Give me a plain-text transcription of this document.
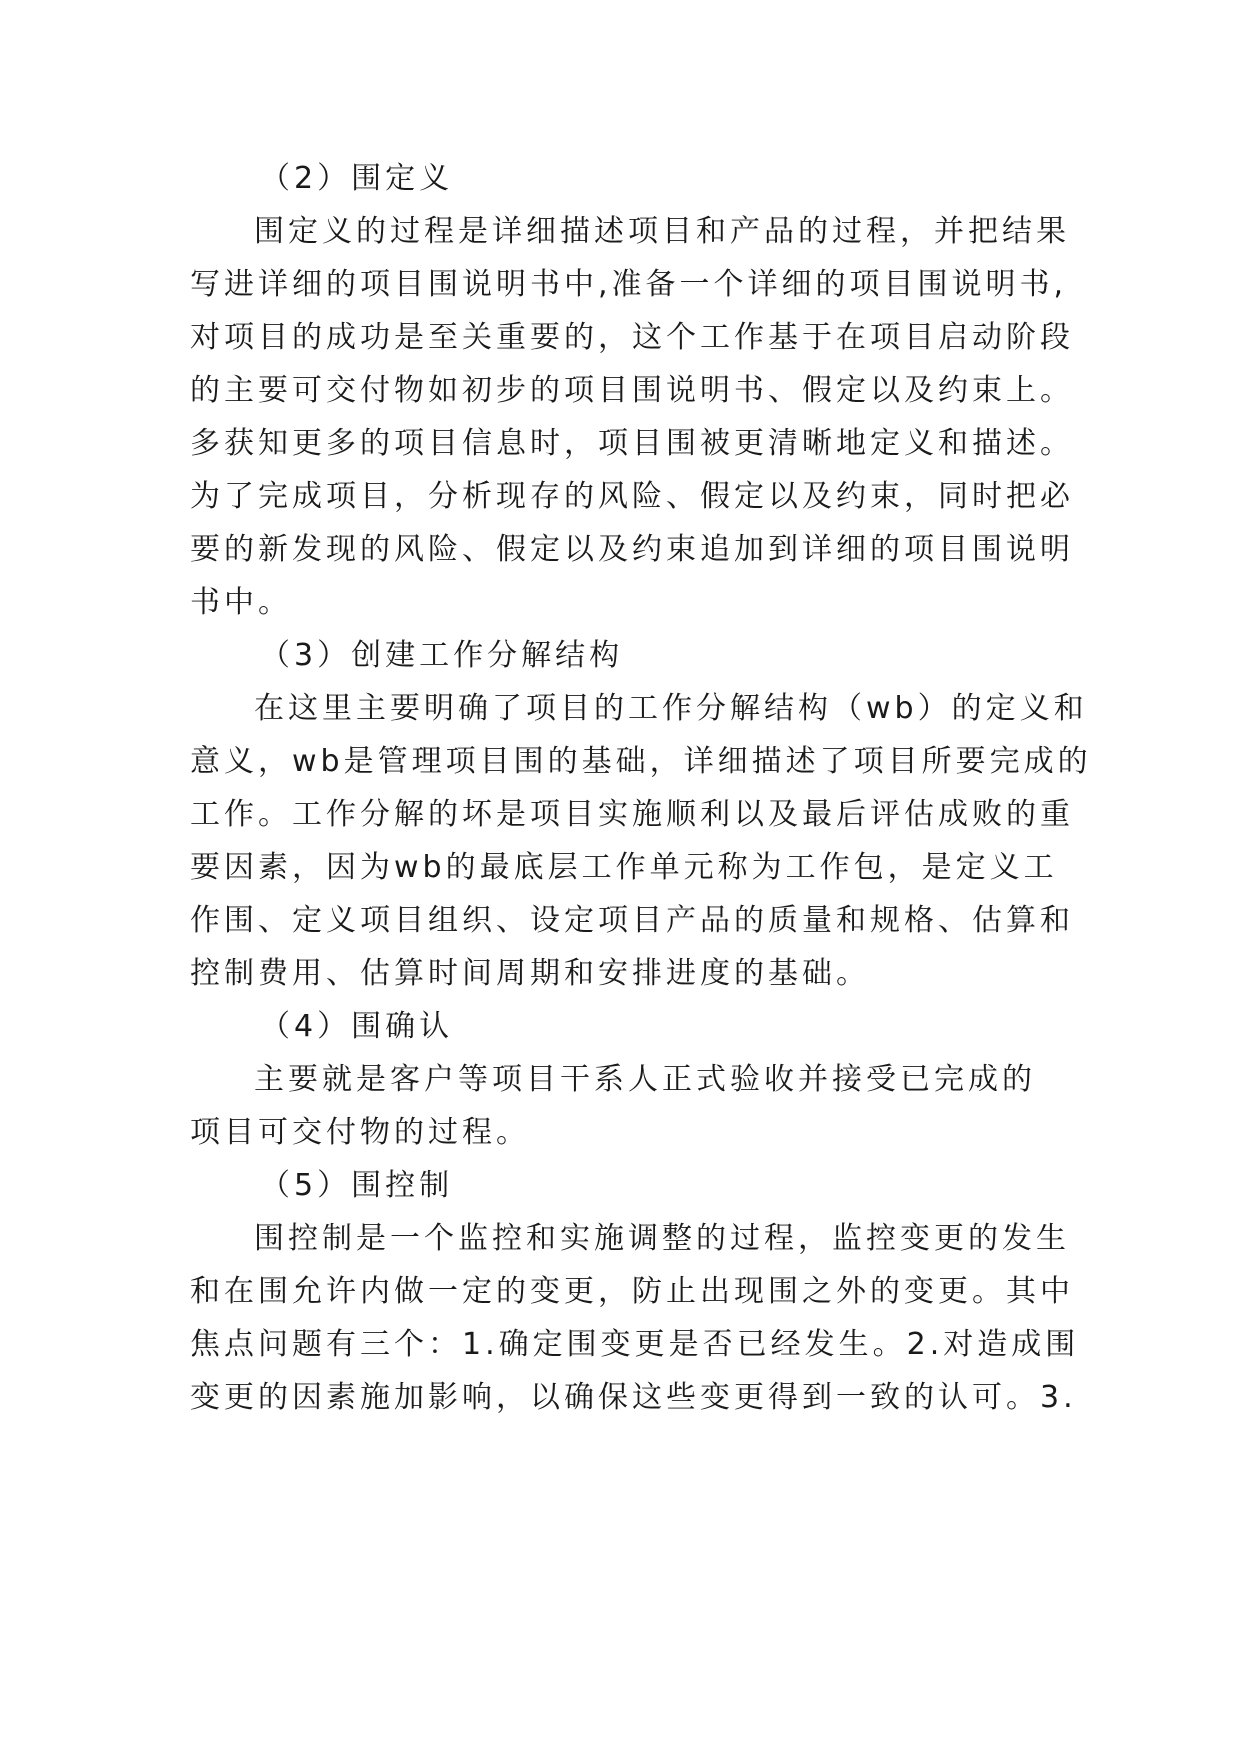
（2）围定义
围定义的过程是详细描述项目和产品的过程，并把结果
写进详细的项目围说明书中,准备一个详细的项目围说明书,
对项目的成功是至关重要的，这个工作基于在项目启动阶段
的主要可交付物如初步的项目围说明书、假定以及约束上。
多获知更多的项目信息时，项目围被更清晰地定义和描述。
为了完成项目，分析现存的风险、假定以及约束，同时把必
要的新发现的风险、假定以及约束追加到详细的项目围说明
书中。
（3）创建工作分解结构
在这里主要明确了项目的工作分解结构（wb）的定义和
意义，wb是管理项目围的基础，详细描述了项目所要完成的
工作。工作分解的坏是项目实施顺利以及最后评估成败的重
要因素，因为wb的最底层工作单元称为工作包，是定义工
作围、定义项目组织、设定项目产品的质量和规格、估算和
控制费用、估算时间周期和安排进度的基础。
（4）围确认
主要就是客户等项目干系人正式验收并接受已完成的
项目可交付物的过程。
（5）围控制
围控制是一个监控和实施调整的过程，监控变更的发生
和在围允许内做一定的变更，防止出现围之外的变更。其中
焦点问题有三个：1.确定围变更是否已经发生。2.对造成围
变更的因素施加影响，以确保这些变更得到一致的认可。3.
